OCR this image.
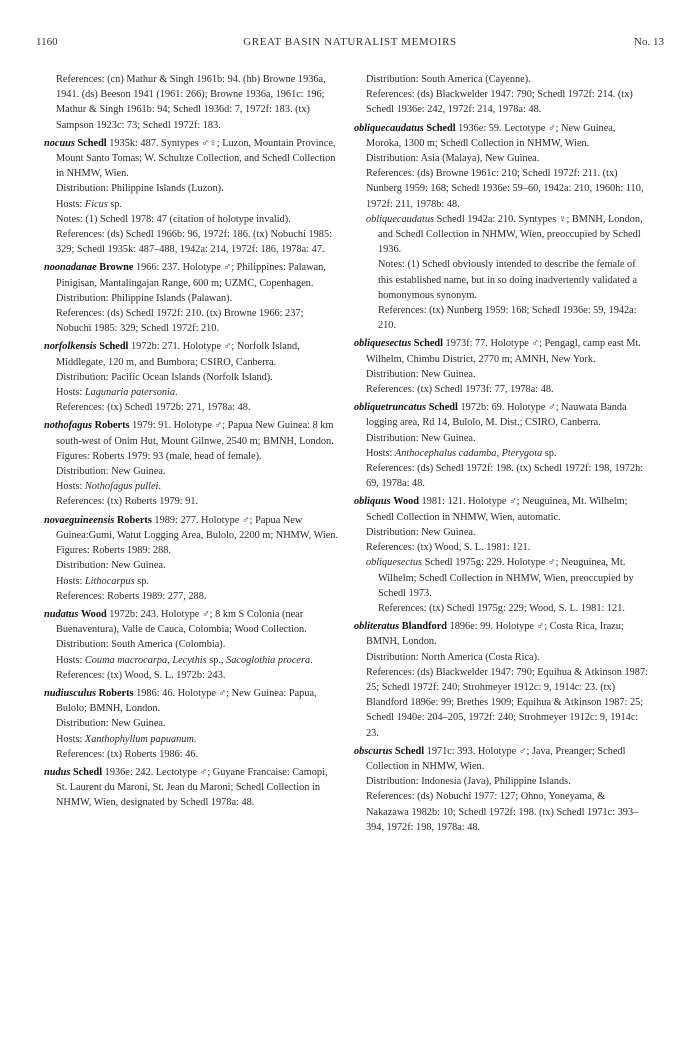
1160	GREAT BASIN NATURALIST MEMOIRS	No. 13
References: (cn) Mathur & Singh 1961b: 94. (hb) Browne 1936a, 1941. (ds) Beeson 1941 (1961: 266); Browne 1936a, 1961c: 196; Mathur & Singh 1961b: 94; Schedl 1936d: 7, 1972f: 183. (tx) Sampson 1923c: 73; Schedl 1972f: 183.
nocuus Schedl 1935k: 487. Syntypes ♂♀; Luzon, Mountain Province, Mount Santo Tomas; W. Schultze Collection, and Schedl Collection in NHMW, Wien.
Distribution: Philippine Islands (Luzon).
Hosts: Ficus sp.
Notes: (1) Schedl 1978: 47 (citation of holotype invalid).
References: (ds) Schedl 1966b: 96, 1972f: 186. (tx) Nobuchi 1985: 329; Schedl 1935k: 487–488, 1942a: 214, 1972f: 186, 1978a: 47.
noonadanae Browne 1966: 237. Holotype ♂; Philippines: Palawan, Pinigisan, Mantalingajan Range, 600 m; UZMC, Copenhagen.
Distribution: Philippine Islands (Palawan).
References: (ds) Schedl 1972f: 210. (tx) Browne 1966: 237; Nobuchi 1985: 329; Schedl 1972f: 210.
norfolkensis Schedl 1972b: 271. Holotype ♂; Norfolk Island, Middlegate, 120 m, and Bumbora; CSIRO, Canberra.
Distribution: Pacific Ocean Islands (Norfolk Island).
Hosts: Lagunaria patersonia.
References: (tx) Schedl 1972b: 271, 1978a: 48.
nothofagus Roberts 1979: 91. Holotype ♂; Papua New Guinea: 8 km south-west of Onim Hut, Mount Gilnwe, 2540 m; BMNH, London.
Figures: Roberts 1979: 93 (male, head of female).
Distribution: New Guinea.
Hosts: Nothofagus pullei.
References: (tx) Roberts 1979: 91.
novaeguineensis Roberts 1989: 277. Holotype ♂; Papua New Guinea:Gumi, Watut Logging Area, Bulolo, 2200 m; NHMW, Wien.
Figures: Roberts 1989: 288.
Distribution: New Guinea.
Hosts: Lithocarpus sp.
References: Roberts 1989: 277, 288.
nudatus Wood 1972b: 243. Holotype ♂; 8 km S Colonia (near Buenaventura), Valle de Cauca, Colombia; Wood Collection.
Distribution: South America (Colombia).
Hosts: Couma macrocarpa, Lecythis sp., Sacoglothia procera.
References: (tx) Wood, S. L. 1972b: 243.
nudiusculus Roberts 1986: 46. Holotype ♂; New Guinea: Papua, Bulolo; BMNH, London.
Distribution: New Guinea.
Hosts: Xanthophyllum papuanum.
References: (tx) Roberts 1986: 46.
nudus Schedl 1936e: 242. Lectotype ♂; Guyane Francaise: Camopi, St. Laurent du Maroni, St. Jean du Maroni; Schedl Collection in NHMW, Wien, designated by Schedl 1978a: 48.
Distribution: South America (Cayenne).
References: (ds) Blackwelder 1947: 790; Schedl 1972f: 214. (tx) Schedl 1936e: 242, 1972f: 214, 1978a: 48.
obliquecaudatus Schedl 1936e: 59. Lectotype ♂; New Guinea, Moroka, 1300 m; Schedl Collection in NHMW, Wien.
Distribution: Asia (Malaya), New Guinea.
References: (ds) Browne 1961c: 210; Schedl 1972f: 211. (tx) Nunberg 1959: 168; Schedl 1936e: 59–60, 1942a: 210, 1960h: 110, 1972f: 211, 1978b: 48.
obliquecaudatus Schedl 1942a: 210. Syntypes ♀; BMNH, London, and Schedl Collection in NHMW, Wien, preoccupied by Schedl 1936.
Notes: (1) Schedl obviously intended to describe the female of this established name, but in so doing inadvertently validated a homonymous synonym.
References: (tx) Nunberg 1959: 168; Schedl 1936e: 59, 1942a: 210.
obliquesectus Schedl 1973f: 77. Holotype ♂; Pengagl, camp east Mt. Wilhelm, Chimbu District, 2770 m; AMNH, New York.
Distribution: New Guinea.
References: (tx) Schedl 1973f: 77, 1978a: 48.
obliquetruncatus Schedl 1972b: 69. Holotype ♂; Nauwata Banda logging area, Rd 14, Bulolo, M. Dist.; CSIRO, Canberra.
Distribution: New Guinea.
Hosts: Anthocephalus cadamba, Pterygota sp.
References: (ds) Schedl 1972f: 198. (tx) Schedl 1972f: 198, 1972h: 69, 1978a: 48.
obliquus Wood 1981: 121. Holotype ♂; Neuguinea, Mt. Wilhelm; Schedl Collection in NHMW, Wien, automatic.
Distribution: New Guinea.
References: (tx) Wood, S. L. 1981: 121.
obliquesectus Schedl 1975g: 229. Holotype ♂; Neuguinea, Mt. Wilhelm; Schedl Collection in NHMW, Wien, preoccupied by Schedl 1973.
References: (tx) Schedl 1975g: 229; Wood, S. L. 1981: 121.
obliteratus Blandford 1896e: 99. Holotype ♂; Costa Rica, Irazu; BMNH, London.
Distribution: North America (Costa Rica).
References: (ds) Blackwelder 1947: 790; Equihua & Atkinson 1987: 25; Schedl 1972f: 240; Strohmeyer 1912c: 9, 1914c: 23. (tx) Blandford 1896e: 99; Brethes 1909; Equihua & Atkinson 1987: 25; Schedl 1940e: 204–205, 1972f: 240; Strohmeyer 1912c: 9, 1914c: 23.
obscurus Schedl 1971c: 393. Holotype ♂; Java, Preanger; Schedl Collection in NHMW, Wien.
Distribution: Indonesia (Java), Philippine Islands.
References: (ds) Nobuchi 1977: 127; Ohno, Yoneyama, & Nakazawa 1982b: 10; Schedl 1972f: 198. (tx) Schedl 1971c: 393–394, 1972f: 198, 1978a: 48.
